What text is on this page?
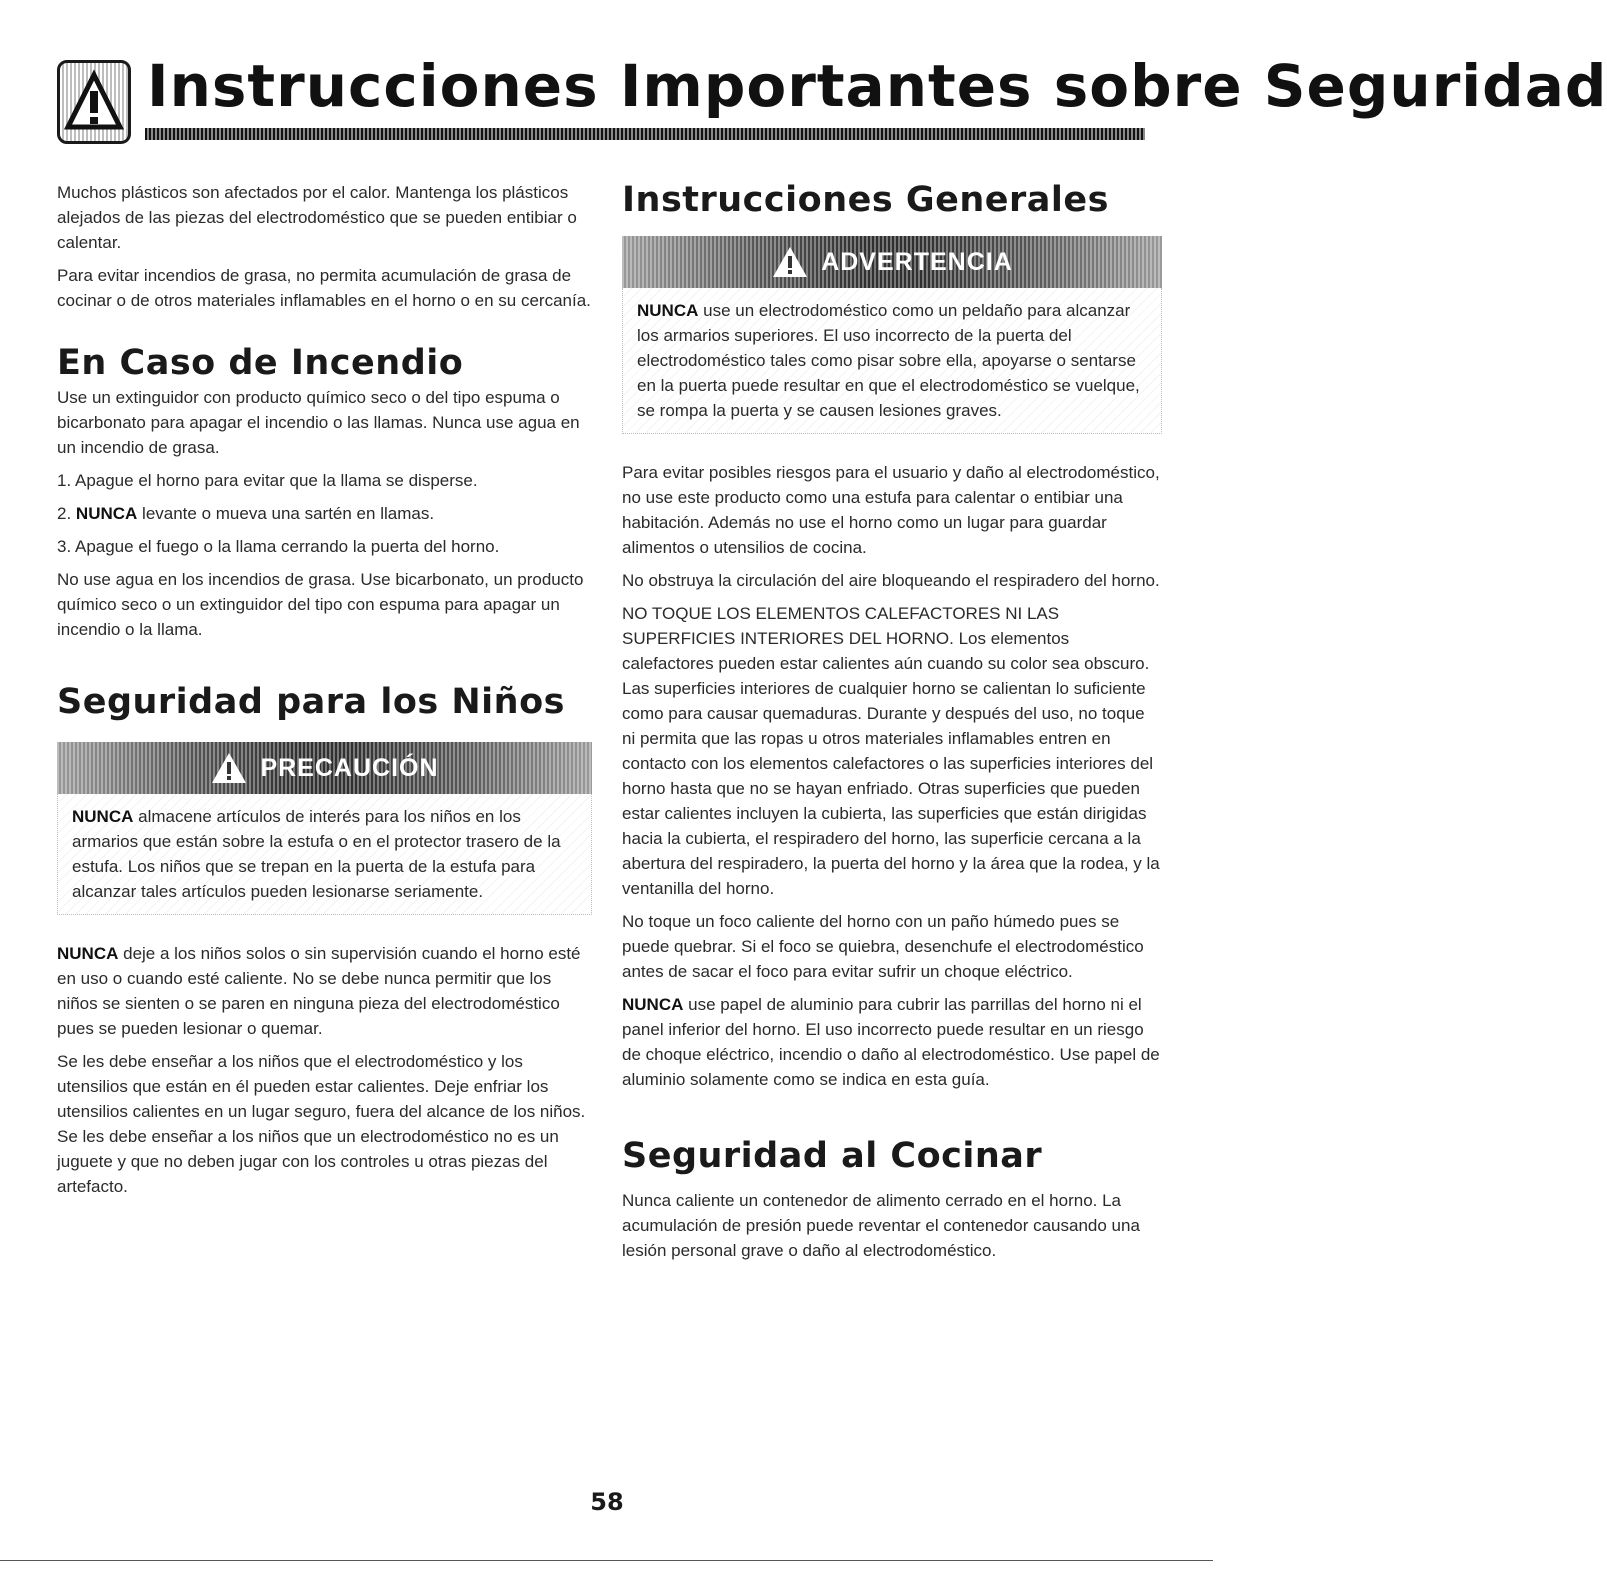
Instrucciones Importantes sobre Seguridad

Muchos plásticos son afectados por el calor. Mantenga los plásticos alejados de las piezas del electrodoméstico que se pueden entibiar o calentar.

Para evitar incendios de grasa, no permita acumulación de grasa de cocinar o de otros materiales inflamables en el horno o en su cercanía.

En Caso de Incendio

Use un extinguidor con producto químico seco o del tipo espuma o bicarbonato para apagar el incendio o las llamas. Nunca use agua en un incendio de grasa.

1. Apague el horno para evitar que la llama se disperse.
2. NUNCA levante o mueva una sartén en llamas.
3. Apague el fuego o la llama cerrando la puerta del horno.

No use agua en los incendios de grasa. Use bicarbonato, un producto químico seco o un extinguidor del tipo con espuma para apagar un incendio o la llama.

Seguridad para los Niños
PRECAUCIÓN

NUNCA almacene artículos de interés para los niños en los armarios que están sobre la estufa o en el protector trasero de la estufa. Los niños que se trepan en la puerta de la estufa para alcanzar tales artículos pueden lesionarse seriamente.

NUNCA deje a los niños solos o sin supervisión cuando el horno esté en uso o cuando esté caliente. No se debe nunca permitir que los niños se sienten o se paren en ninguna pieza del electrodoméstico pues se pueden lesionar o quemar.

Se les debe enseñar a los niños que el electrodoméstico y los utensilios que están en él pueden estar calientes. Deje enfriar los utensilios calientes en un lugar seguro, fuera del alcance de los niños. Se les debe enseñar a los niños que un electrodoméstico no es un juguete y que no deben jugar con los controles u otras piezas del artefacto.

Instrucciones Generales
ADVERTENCIA

NUNCA use un electrodoméstico como un peldaño para alcanzar los armarios superiores. El uso incorrecto de la puerta del electrodoméstico tales como pisar sobre ella, apoyarse o sentarse en la puerta puede resultar en que el electrodoméstico se vuelque, se rompa la puerta y se causen lesiones graves.

Para evitar posibles riesgos para el usuario y daño al electrodoméstico, no use este producto como una estufa para calentar o entibiar una habitación. Además no use el horno como un lugar para guardar alimentos o utensilios de cocina.

No obstruya la circulación del aire bloqueando el respiradero del horno.

NO TOQUE LOS ELEMENTOS CALEFACTORES NI LAS SUPERFICIES INTERIORES DEL HORNO. Los elementos calefactores pueden estar calientes aún cuando su color sea obscuro. Las superficies interiores de cualquier horno se calientan lo suficiente como para causar quemaduras. Durante y después del uso, no toque ni permita que las ropas u otros materiales inflamables entren en contacto con los elementos calefactores o las superficies interiores del horno hasta que no se hayan enfriado. Otras superficies que pueden estar calientes incluyen la cubierta, las superficies que están dirigidas hacia la cubierta, el respiradero del horno, las superficie cercana a la abertura del respiradero, la puerta del horno y la área que la rodea, y la ventanilla del horno.

No toque un foco caliente del horno con un paño húmedo pues se puede quebrar. Si el foco se quiebra, desenchufe el electrodoméstico antes de sacar el foco para evitar sufrir un choque eléctrico.

NUNCA use papel de aluminio para cubrir las parrillas del horno ni el panel inferior del horno. El uso incorrecto puede resultar en un riesgo de choque eléctrico, incendio o daño al electrodoméstico. Use papel de aluminio solamente como se indica en esta guía.

Seguridad al Cocinar

Nunca caliente un contenedor de alimento cerrado en el horno. La acumulación de presión puede reventar el contenedor causando una lesión personal grave o daño al electrodoméstico.

58
